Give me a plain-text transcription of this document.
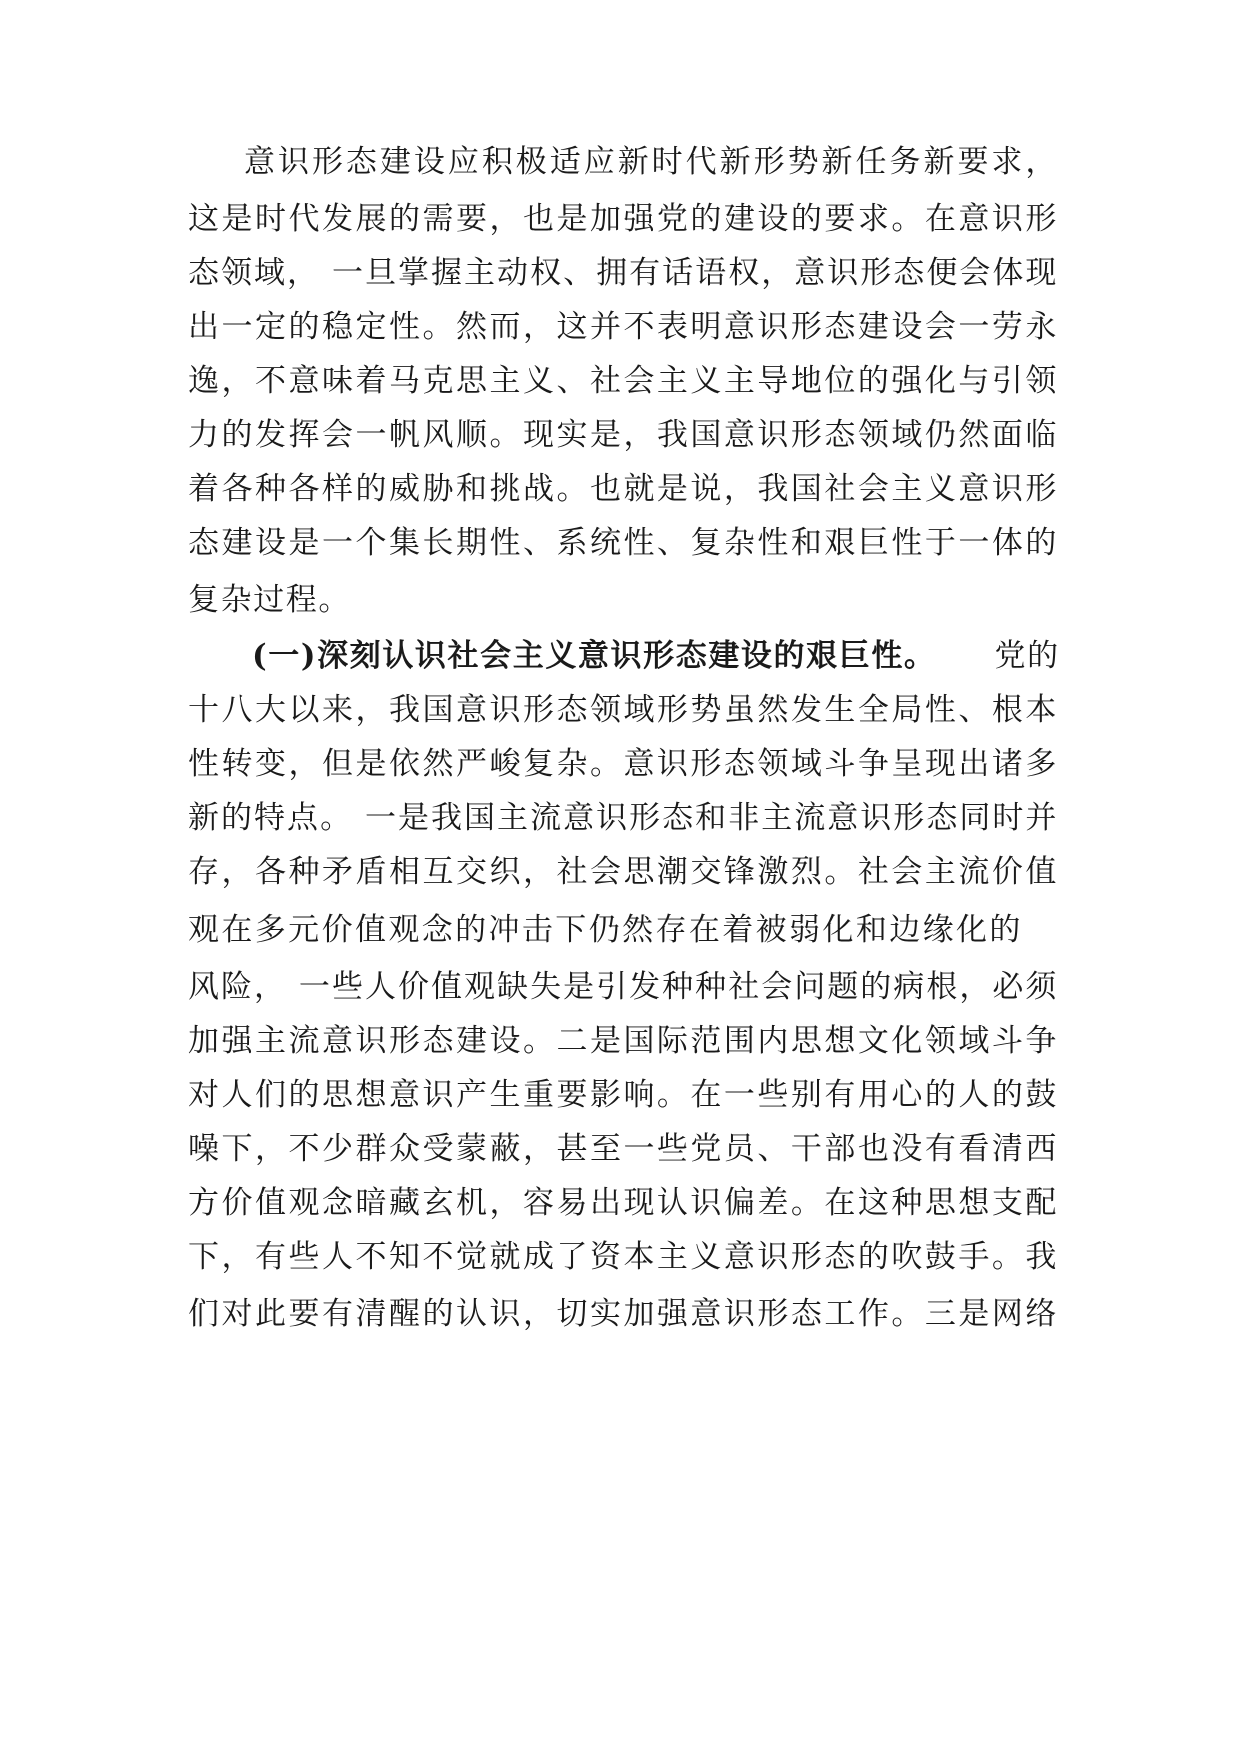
意识形态建设应积极适应新时代新形势新任务新要求，
这是时代发展的需要，也是加强党的建设的要求。在意识形
态领域， 一旦掌握主动权、拥有话语权，意识形态便会体现
出一定的稳定性。然而，这并不表明意识形态建设会一劳永
逸，不意味着马克思主义、社会主义主导地位的强化与引领
力的发挥会一帆风顺。现实是，我国意识形态领域仍然面临
着各种各样的威胁和挑战。也就是说，我国社会主义意识形
态建设是一个集长期性、系统性、复杂性和艰巨性于一体的
复杂过程。
(一)深刻认识社会主义意识形态建设的艰巨性。 党的
十八大以来，我国意识形态领域形势虽然发生全局性、根本
性转变，但是依然严峻复杂。意识形态领域斗争呈现出诸多
新的特点。 一是我国主流意识形态和非主流意识形态同时并
存，各种矛盾相互交织，社会思潮交锋激烈。社会主流价值
观在多元价值观念的冲击下仍然存在着被弱化和边缘化的
风险， 一些人价值观缺失是引发种种社会问题的病根，必须
加强主流意识形态建设。二是国际范围内思想文化领域斗争
对人们的思想意识产生重要影响。在一些别有用心的人的鼓
噪下，不少群众受蒙蔽，甚至一些党员、干部也没有看清西
方价值观念暗藏玄机，容易出现认识偏差。在这种思想支配
下，有些人不知不觉就成了资本主义意识形态的吹鼓手。我
们对此要有清醒的认识，切实加强意识形态工作。三是网络
